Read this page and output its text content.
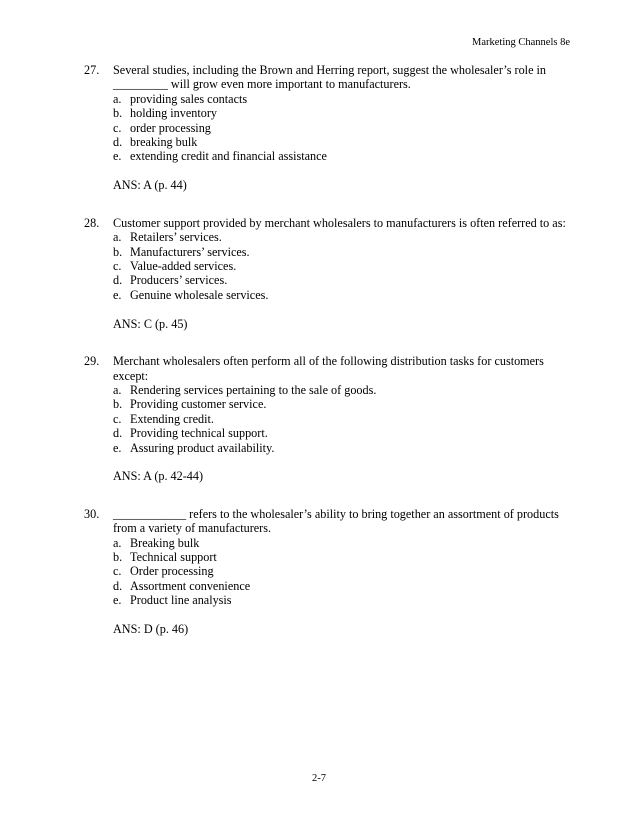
Marketing Channels 8e
27. Several studies, including the Brown and Herring report, suggest the wholesaler’s role in _________ will grow even more important to manufacturers.
a. providing sales contacts
b. holding inventory
c. order processing
d. breaking bulk
e. extending credit and financial assistance
ANS: A (p. 44)
28. Customer support provided by merchant wholesalers to manufacturers is often referred to as:
a. Retailers’ services.
b. Manufacturers’ services.
c. Value-added services.
d. Producers’ services.
e. Genuine wholesale services.
ANS: C (p. 45)
29. Merchant wholesalers often perform all of the following distribution tasks for customers except:
a. Rendering services pertaining to the sale of goods.
b. Providing customer service.
c. Extending credit.
d. Providing technical support.
e. Assuring product availability.
ANS: A (p. 42-44)
30. ____________ refers to the wholesaler’s ability to bring together an assortment of products from a variety of manufacturers.
a. Breaking bulk
b. Technical support
c. Order processing
d. Assortment convenience
e. Product line analysis
ANS: D (p. 46)
2-7
